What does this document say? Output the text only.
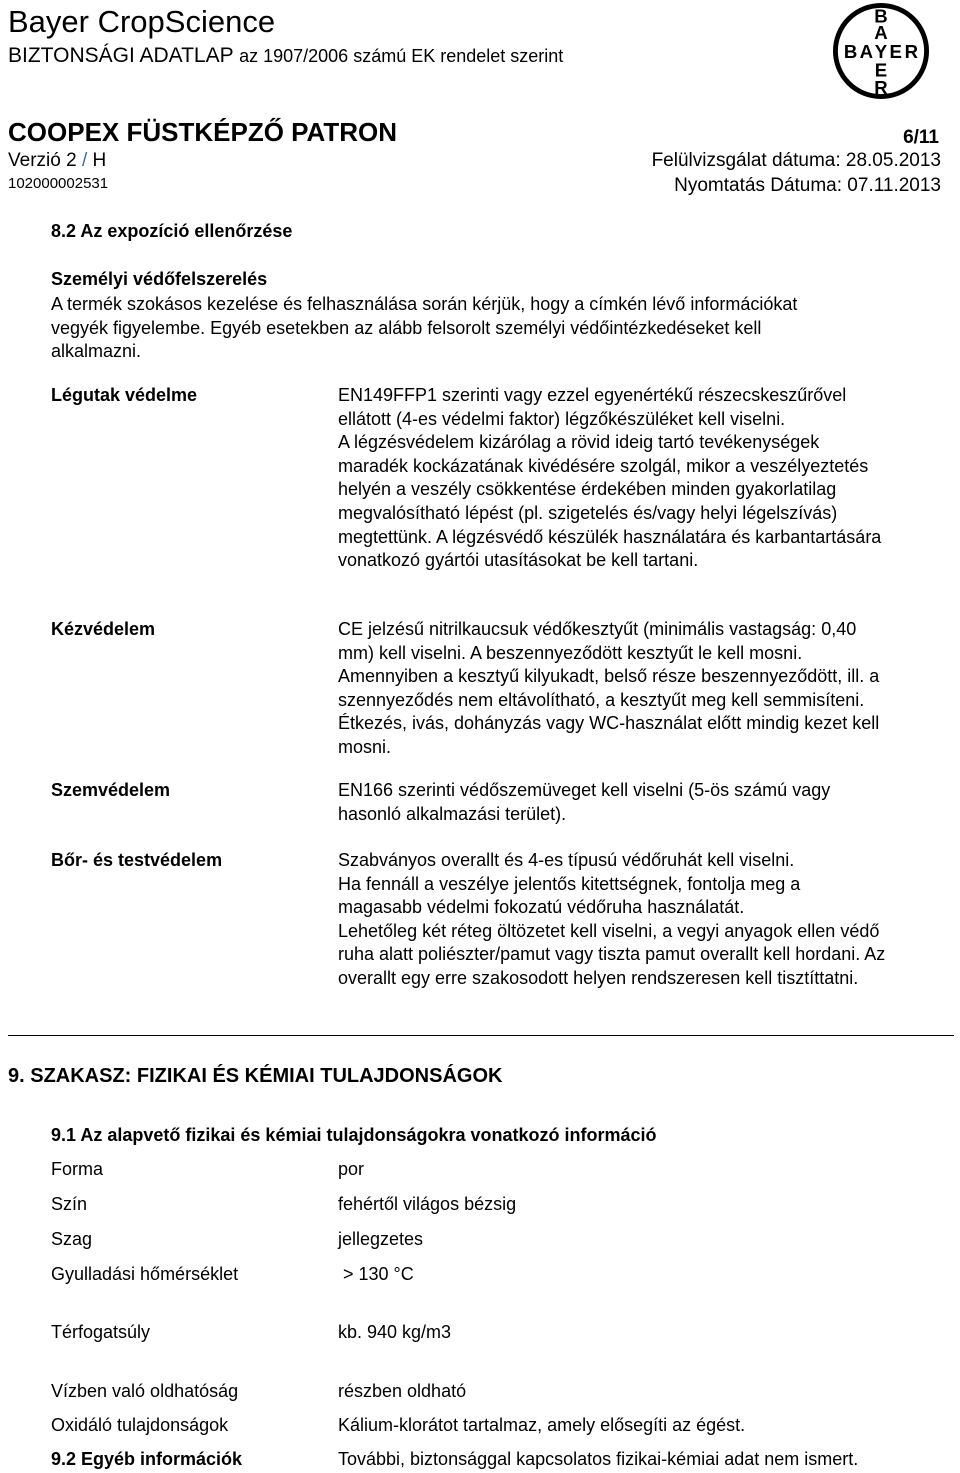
Bayer CropScience
BIZTONSÁGI ADATLAP az 1907/2006 számú EK rendelet szerint
B
A
B A Y E R
E
R
COOPEX FÜSTKÉPZŐ PATRON	6/11
Verzió 2 / H	Felülvizsgálat dátuma: 28.05.2013
102000002531	Nyomtatás Dátuma: 07.11.2013
8.2 Az expozíció ellenőrzése
Személyi védőfelszerelés
A termék szokásos kezelése és felhasználása során kérjük, hogy a címkén lévő információkat
vegyék figyelembe. Egyéb esetekben az alább felsorolt személyi védőintézkedéseket kell
alkalmazni.
Légutak védelme	EN149FFP1 szerinti vagy ezzel egyenértékű részecskeszűrővel
ellátott (4-es védelmi faktor) légzőkészüléket kell viselni.
A légzésvédelem kizárólag a rövid ideig tartó tevékenységek
maradék kockázatának kivédésére szolgál, mikor a veszélyeztetés
helyén a veszély csökkentése érdekében minden gyakorlatilag
megvalósítható lépést (pl. szigetelés és/vagy helyi légelszívás)
megtettünk. A légzésvédő készülék használatára és karbantartására
vonatkozó gyártói utasításokat be kell tartani.
Kézvédelem	CE jelzésű nitrilkaucsuk védőkesztyűt (minimális vastagság: 0,40
mm) kell viselni. A beszennyeződött kesztyűt le kell mosni.
Amennyiben a kesztyű kilyukadt, belső része beszennyeződött, ill. a
szennyeződés nem eltávolítható, a kesztyűt meg kell semmisíteni.
Étkezés, ivás, dohányzás vagy WC-használat előtt mindig kezet kell
mosni.
Szemvédelem	EN166 szerinti védőszemüveget kell viselni (5-ös számú vagy
hasonló alkalmazási terület).
Bőr- és testvédelem	Szabványos overallt és 4-es típusú védőruhát kell viselni.
Ha fennáll a veszélye jelentős kitettségnek, fontolja meg a
magasabb védelmi fokozatú védőruha használatát.
Lehetőleg két réteg öltözetet kell viselni, a vegyi anyagok ellen védő
ruha alatt poliészter/pamut vagy tiszta pamut overallt kell hordani. Az
overallt egy erre szakosodott helyen rendszeresen kell tisztíttatni.
9. SZAKASZ: FIZIKAI ÉS KÉMIAI TULAJDONSÁGOK
9.1 Az alapvető fizikai és kémiai tulajdonságokra vonatkozó információ
Forma	por
Szín	fehértől világos bézsig
Szag	jellegzetes
Gyulladási hőmérséklet	> 130 °C
Térfogatsúly	kb. 940 kg/m3
Vízben való oldhatóság	részben oldható
Oxidáló tulajdonságok	Kálium-klorátot tartalmaz, amely elősegíti az égést.
9.2 Egyéb információk	További, biztonsággal kapcsolatos fizikai-kémiai adat nem ismert.
